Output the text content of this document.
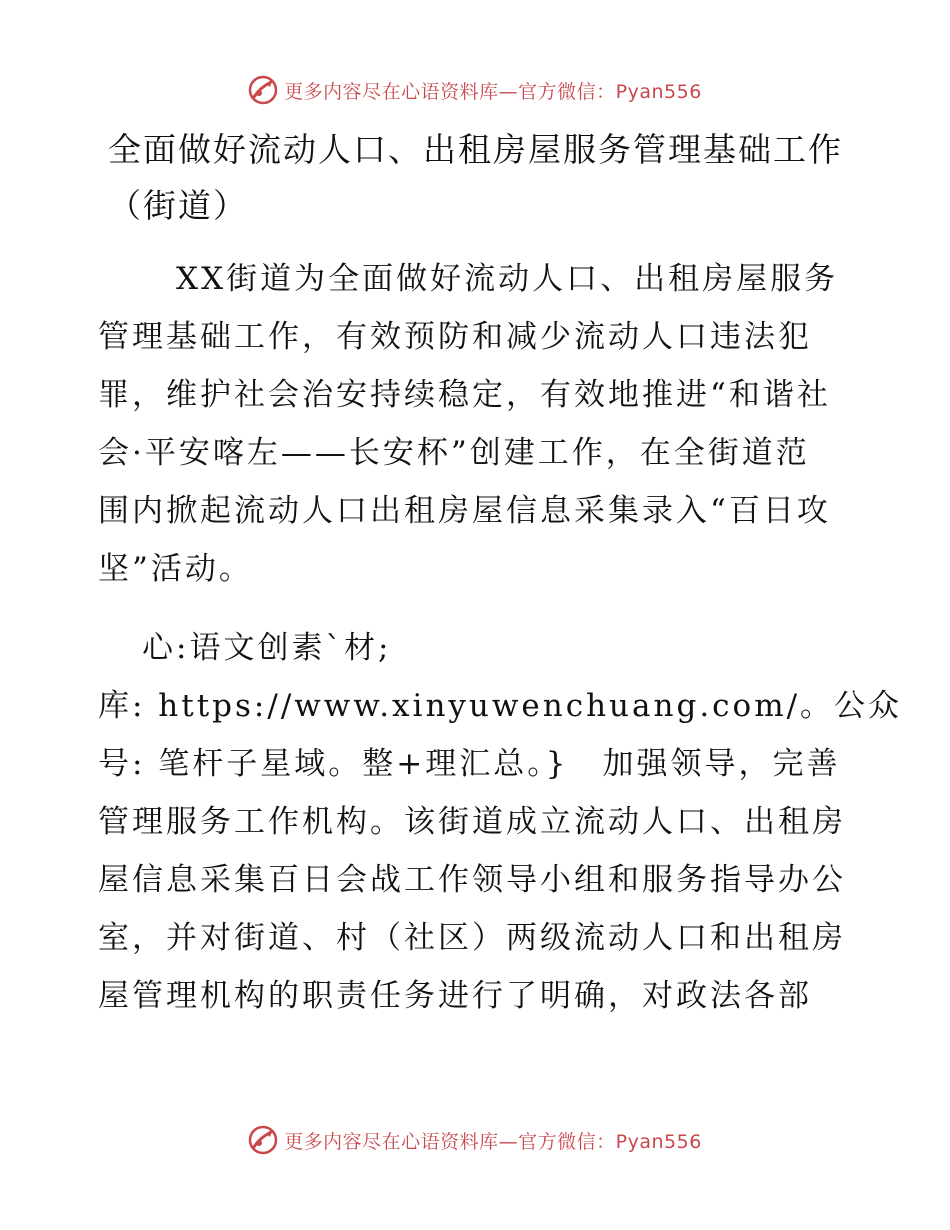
更多内容尽在心语资料库—官方微信：Pyan556
全面做好流动人口、出租房屋服务管理基础工作
（街道）
XX街道为全面做好流动人口、出租房屋服务
管理基础工作，有效预防和减少流动人口违法犯
罪，维护社会治安持续稳定，有效地推进“和谐社
会·平安喀左——长安杯”创建工作，在全街道范
围内掀起流动人口出租房屋信息采集录入“百日攻
坚”活动。
心:语文创素`材;
库: https://www.xinyuwenchuang.com/。公众
号: 笔杆子星域。整+理汇总。}　加强领导，完善
管理服务工作机构。该街道成立流动人口、出租房
屋信息采集百日会战工作领导小组和服务指导办公
室，并对街道、村（社区）两级流动人口和出租房
屋管理机构的职责任务进行了明确，对政法各部
更多内容尽在心语资料库—官方微信：Pyan556
